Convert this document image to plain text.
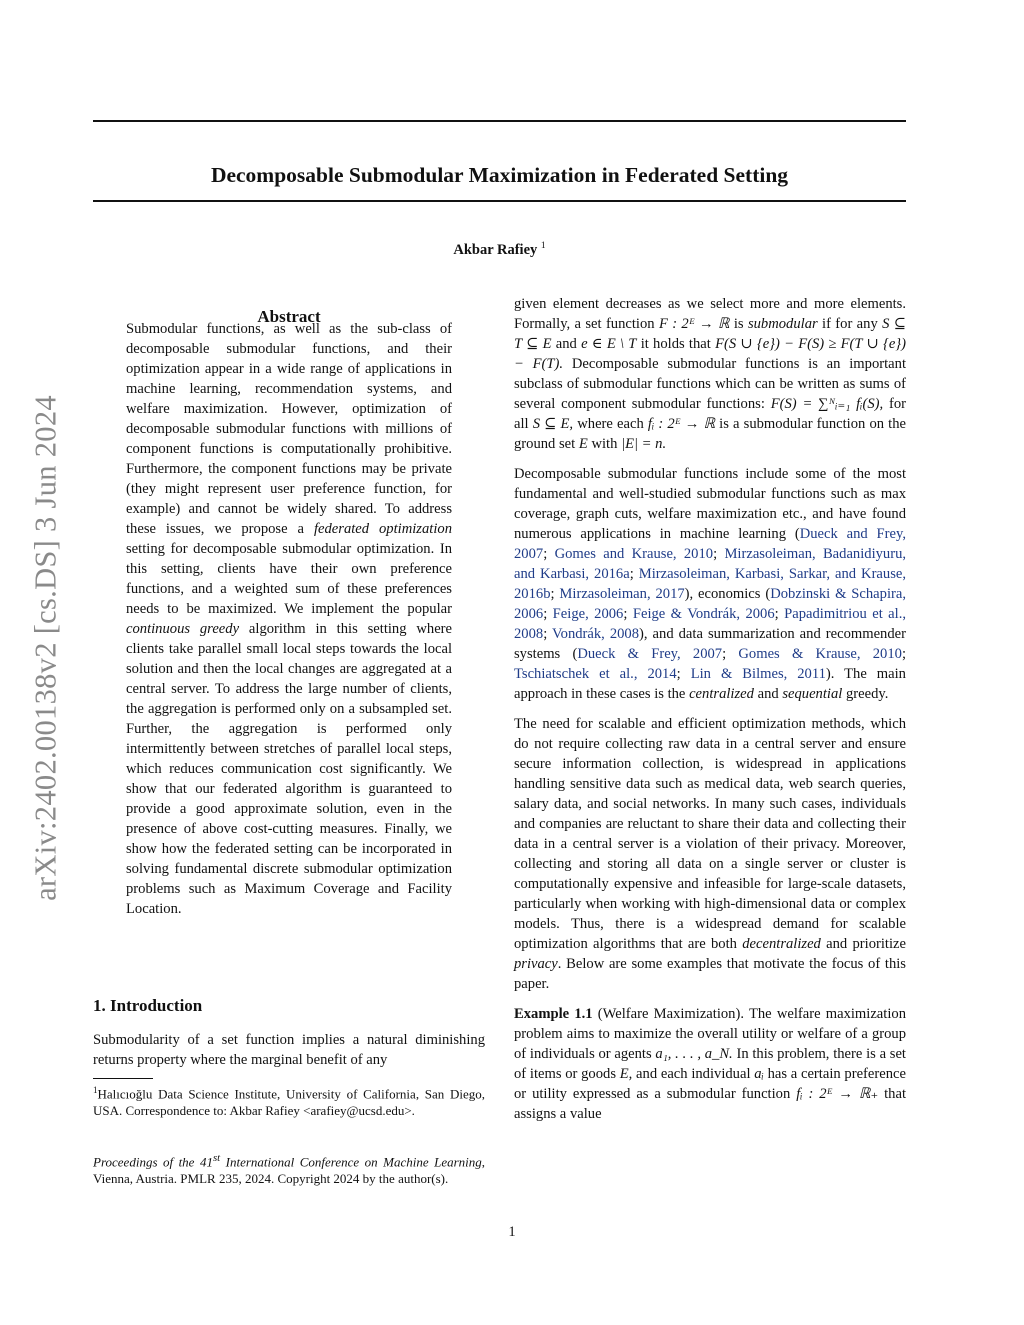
Decomposable Submodular Maximization in Federated Setting
Akbar Rafiey $^1$
arXiv:2402.00138v2 [cs.DS] 3 Jun 2024
Abstract

Submodular functions, as well as the sub-class of decomposable submodular functions, and their optimization appear in a wide range of applications in machine learning, recommendation systems, and welfare maximization. However, optimization of decomposable submodular functions with millions of component functions is computationally prohibitive. Furthermore, the component functions may be private (they might represent user preference function, for example) and cannot be widely shared. To address these issues, we propose a federated optimization setting for decomposable submodular optimization. In this setting, clients have their own preference functions, and a weighted sum of these preferences needs to be maximized. We implement the popular continuous greedy algorithm in this setting where clients take parallel small local steps towards the local solution and then the local changes are aggregated at a central server. To address the large number of clients, the aggregation is performed only on a subsampled set. Further, the aggregation is performed only intermittently between stretches of parallel local steps, which reduces communication cost significantly. We show that our federated algorithm is guaranteed to provide a good approximate solution, even in the presence of above cost-cutting measures. Finally, we show how the federated setting can be incorporated in solving fundamental discrete submodular optimization problems such as Maximum Coverage and Facility Location.

1. Introduction

Submodularity of a set function implies a natural diminishing returns property where the marginal benefit of any

$^1$Halıcıoğlu Data Science Institute, University of California, San Diego, USA. Correspondence to: Akbar Rafiey <arafiey@ucsd.edu>.

Proceedings of the 41st International Conference on Machine Learning, Vienna, Austria. PMLR 235, 2024. Copyright 2024 by the author(s).

given element decreases as we select more and more elements. Formally, a set function F : 2ᴱ → ℝ is submodular if for any S ⊆ T ⊆ E and e ∈ E \ T it holds that F(S ∪ {e}) − F(S) ≥ F(T ∪ {e}) − F(T). Decomposable submodular functions is an important subclass of submodular functions which can be written as sums of several component submodular functions: F(S) = ∑ᴺᵢ₌₁ fᵢ(S), for all S ⊆ E, where each fᵢ : 2ᴱ → ℝ is a submodular function on the ground set E with |E| = n.

Decomposable submodular functions include some of the most fundamental and well-studied submodular functions such as max coverage, graph cuts, welfare maximization etc., and have found numerous applications in machine learning (Dueck and Frey, 2007; Gomes and Krause, 2010; Mirzasoleiman, Badanidiyuru, and Karbasi, 2016a; Mirzasoleiman, Karbasi, Sarkar, and Krause, 2016b; Mirzasoleiman, 2017), economics (Dobzinski & Schapira, 2006; Feige, 2006; Feige & Vondrák, 2006; Papadimitriou et al., 2008; Vondrák, 2008), and data summarization and recommender systems (Dueck & Frey, 2007; Gomes & Krause, 2010; Tschiatschek et al., 2014; Lin & Bilmes, 2011). The main approach in these cases is the centralized and sequential greedy.

The need for scalable and efficient optimization methods, which do not require collecting raw data in a central server and ensure secure information collection, is widespread in applications handling sensitive data such as medical data, web search queries, salary data, and social networks. In many such cases, individuals and companies are reluctant to share their data and collecting their data in a central server is a violation of their privacy. Moreover, collecting and storing all data on a single server or cluster is computationally expensive and infeasible for large-scale datasets, particularly when working with high-dimensional data or complex models. Thus, there is a widespread demand for scalable optimization algorithms that are both decentralized and prioritize privacy. Below are some examples that motivate the focus of this paper.

Example 1.1 (Welfare Maximization). The welfare maximization problem aims to maximize the overall utility or welfare of a group of individuals or agents a₁, . . . , a_N. In this problem, there is a set of items or goods E, and each individual aᵢ has a certain preference or utility expressed as a submodular function fᵢ : 2ᴱ → ℝ₊ that assigns a value

1
